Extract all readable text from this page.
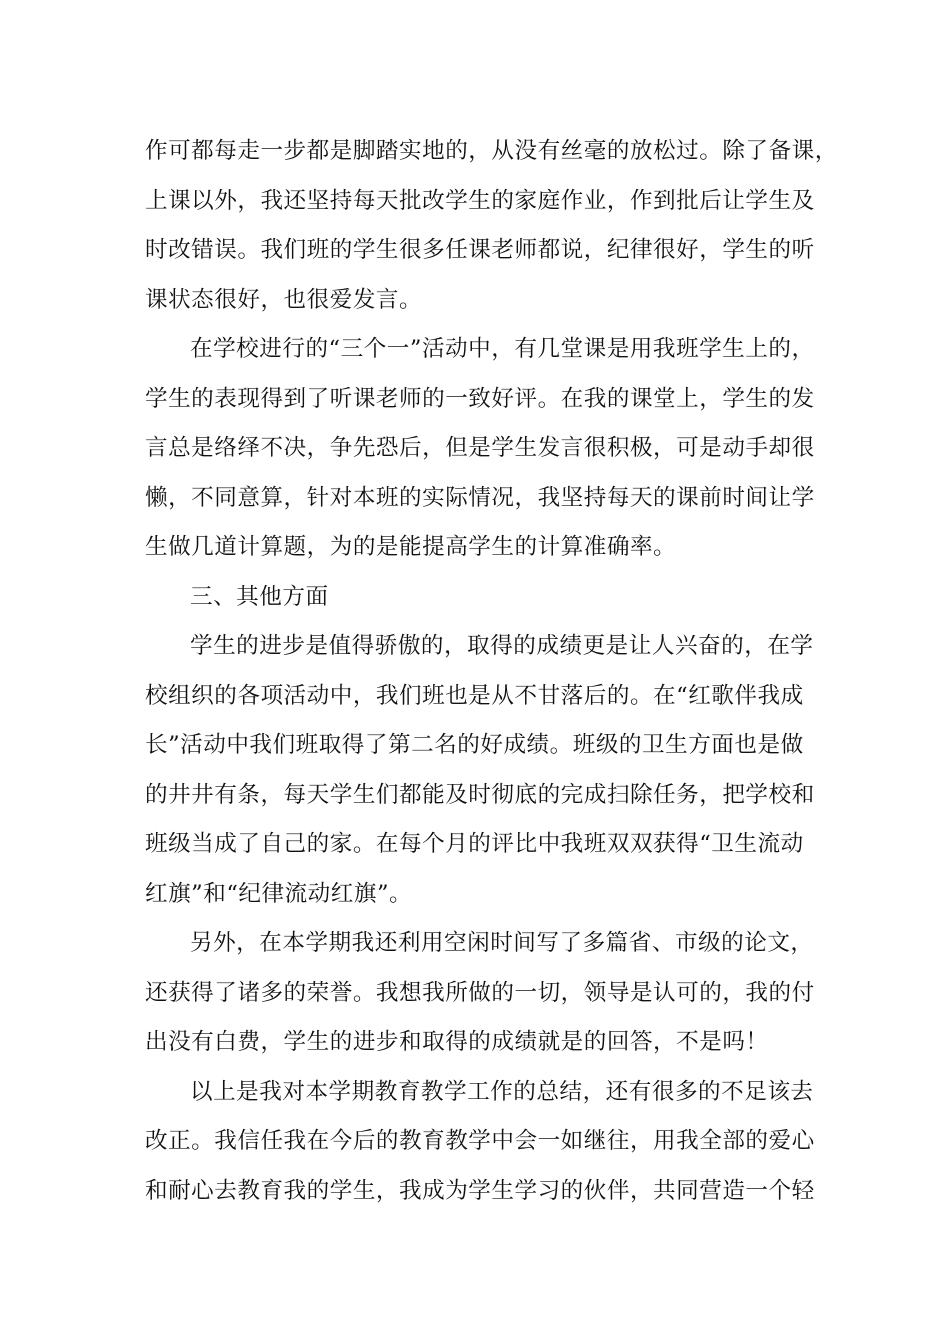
作可都每走一步都是脚踏实地的，从没有丝毫的放松过。除了备课，
上课以外，我还坚持每天批改学生的家庭作业，作到批后让学生及
时改错误。我们班的学生很多任课老师都说，纪律很好，学生的听
课状态很好，也很爱发言。

在学校进行的“三个一”活动中，有几堂课是用我班学生上的，
学生的表现得到了听课老师的一致好评。在我的课堂上，学生的发
言总是络绎不决，争先恐后，但是学生发言很积极，可是动手却很
懒，不同意算，针对本班的实际情况，我坚持每天的课前时间让学
生做几道计算题，为的是能提高学生的计算准确率。

三、其他方面

学生的进步是值得骄傲的，取得的成绩更是让人兴奋的，在学
校组织的各项活动中，我们班也是从不甘落后的。在“红歌伴我成
长”活动中我们班取得了第二名的好成绩。班级的卫生方面也是做
的井井有条，每天学生们都能及时彻底的完成扫除任务，把学校和
班级当成了自己的家。在每个月的评比中我班双双获得“卫生流动
红旗”和“纪律流动红旗”。

另外，在本学期我还利用空闲时间写了多篇省、市级的论文，
还获得了诸多的荣誉。我想我所做的一切，领导是认可的，我的付
出没有白费，学生的进步和取得的成绩就是的回答，不是吗！

以上是我对本学期教育教学工作的总结，还有很多的不足该去
改正。我信任我在今后的教育教学中会一如继往，用我全部的爱心
和耐心去教育我的学生，我成为学生学习的伙伴，共同营造一个轻
